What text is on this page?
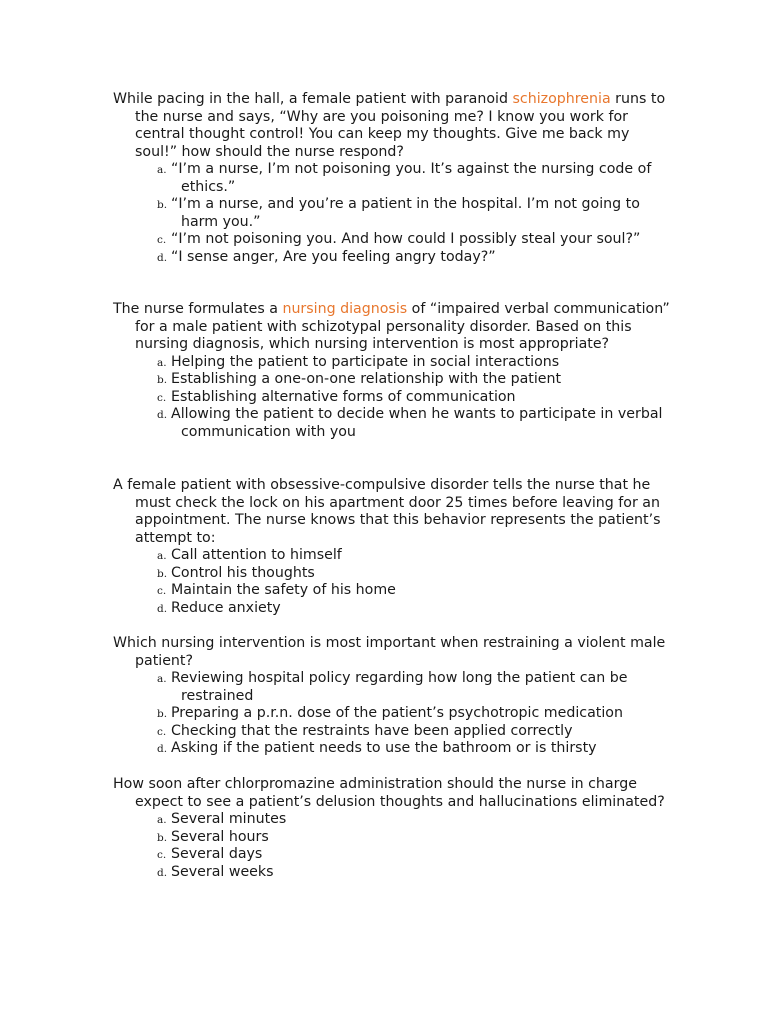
While pacing in the hall, a female patient with paranoid schizophrenia runs to the nurse and says, “Why are you poisoning me? I know you work for central thought control! You can keep my thoughts. Give me back my soul!” how should the nurse respond?

a. “I’m a nurse, I’m not poisoning you. It’s against the nursing code of ethics.”
b. “I’m a nurse, and you’re a patient in the hospital. I’m not going to harm you.”
c. “I’m not poisoning you. And how could I possibly steal your soul?”
d. “I sense anger, Are you feeling angry today?”

The nurse formulates a nursing diagnosis of “impaired verbal communication” for a male patient with schizotypal personality disorder. Based on this nursing diagnosis, which nursing intervention is most appropriate?

a. Helping the patient to participate in social interactions
b. Establishing a one-on-one relationship with the patient
c. Establishing alternative forms of communication
d. Allowing the patient to decide when he wants to participate in verbal communication with you

A female patient with obsessive-compulsive disorder tells the nurse that he must check the lock on his apartment door 25 times before leaving for an appointment. The nurse knows that this behavior represents the patient’s attempt to:

a. Call attention to himself
b. Control his thoughts
c. Maintain the safety of his home
d. Reduce anxiety

Which nursing intervention is most important when restraining a violent male patient?

a. Reviewing hospital policy regarding how long the patient can be restrained
b. Preparing a p.r.n. dose of the patient’s psychotropic medication
c. Checking that the restraints have been applied correctly
d. Asking if the patient needs to use the bathroom or is thirsty

How soon after chlorpromazine administration should the nurse in charge expect to see a patient’s delusion thoughts and hallucinations eliminated?

a. Several minutes
b. Several hours
c. Several days
d. Several weeks
